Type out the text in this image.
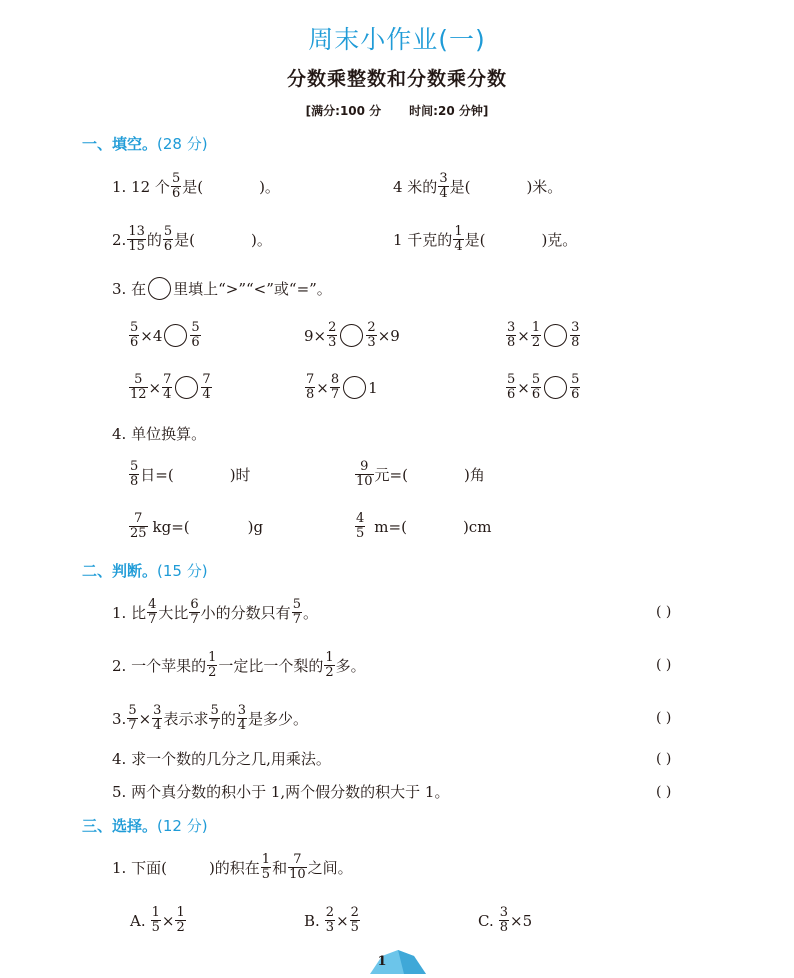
周末小作业(一)
分数乘整数和分数乘分数
[满分:100 分 时间:20 分钟]
一、填空。(28 分)
1. 12 个 $\frac{5}{6}$ 是(	)。	4 米的 $\frac{3}{4}$ 是(	)米。
2. $\frac{13}{15}$ 的 $\frac{5}{6}$ 是(	)。	1 千克的 $\frac{1}{4}$ 是(	)克。
3. 在 里填上“>”“<”或“=”。
$\frac{5}{6} \times 4 \frac{5}{6}$	$9 \times \frac{2}{3} \frac{2}{3} \times 9$	$\frac{3}{8} \times \frac{1}{2} \frac{3}{8}$
$\frac{5}{12} \times \frac{7}{4} \frac{7}{4}$	$\frac{7}{8} \times \frac{8}{7} 1$	$\frac{5}{6} \times \frac{5}{6} \frac{5}{6}$
4. 单位换算。
$\frac{5}{8}$ 日=(	)时	$\frac{9}{10}$ 元=(	)角
$\frac{7}{25} kg=$(	)g	$\frac{4}{5} m=$(	)cm
二、判断。(15 分)
1. 比 $\frac{4}{7}$ 大比 $\frac{6}{7}$ 小的分数只有 $\frac{5}{7}$ 。	( )
2. 一个苹果的 $\frac{1}{2}$ 一定比一个梨的 $\frac{1}{2}$ 多。	( )
3. $\frac{5}{7} \times \frac{3}{4}$ 表示求 $\frac{5}{7}$ 的 $\frac{3}{4}$ 是多少。	( )
4. 求一个数的几分之几,用乘法。	( )
5. 两个真分数的积小于 1,两个假分数的积大于 1。	( )
三、选择。(12 分)
1. 下面(	)的积在 $\frac{1}{5}$ 和 $\frac{7}{10}$ 之间。
A. $\frac{1}{5} \times \frac{1}{2}$	B. $\frac{2}{3} \times \frac{2}{5}$	C. $\frac{3}{8} \times 5$
1
